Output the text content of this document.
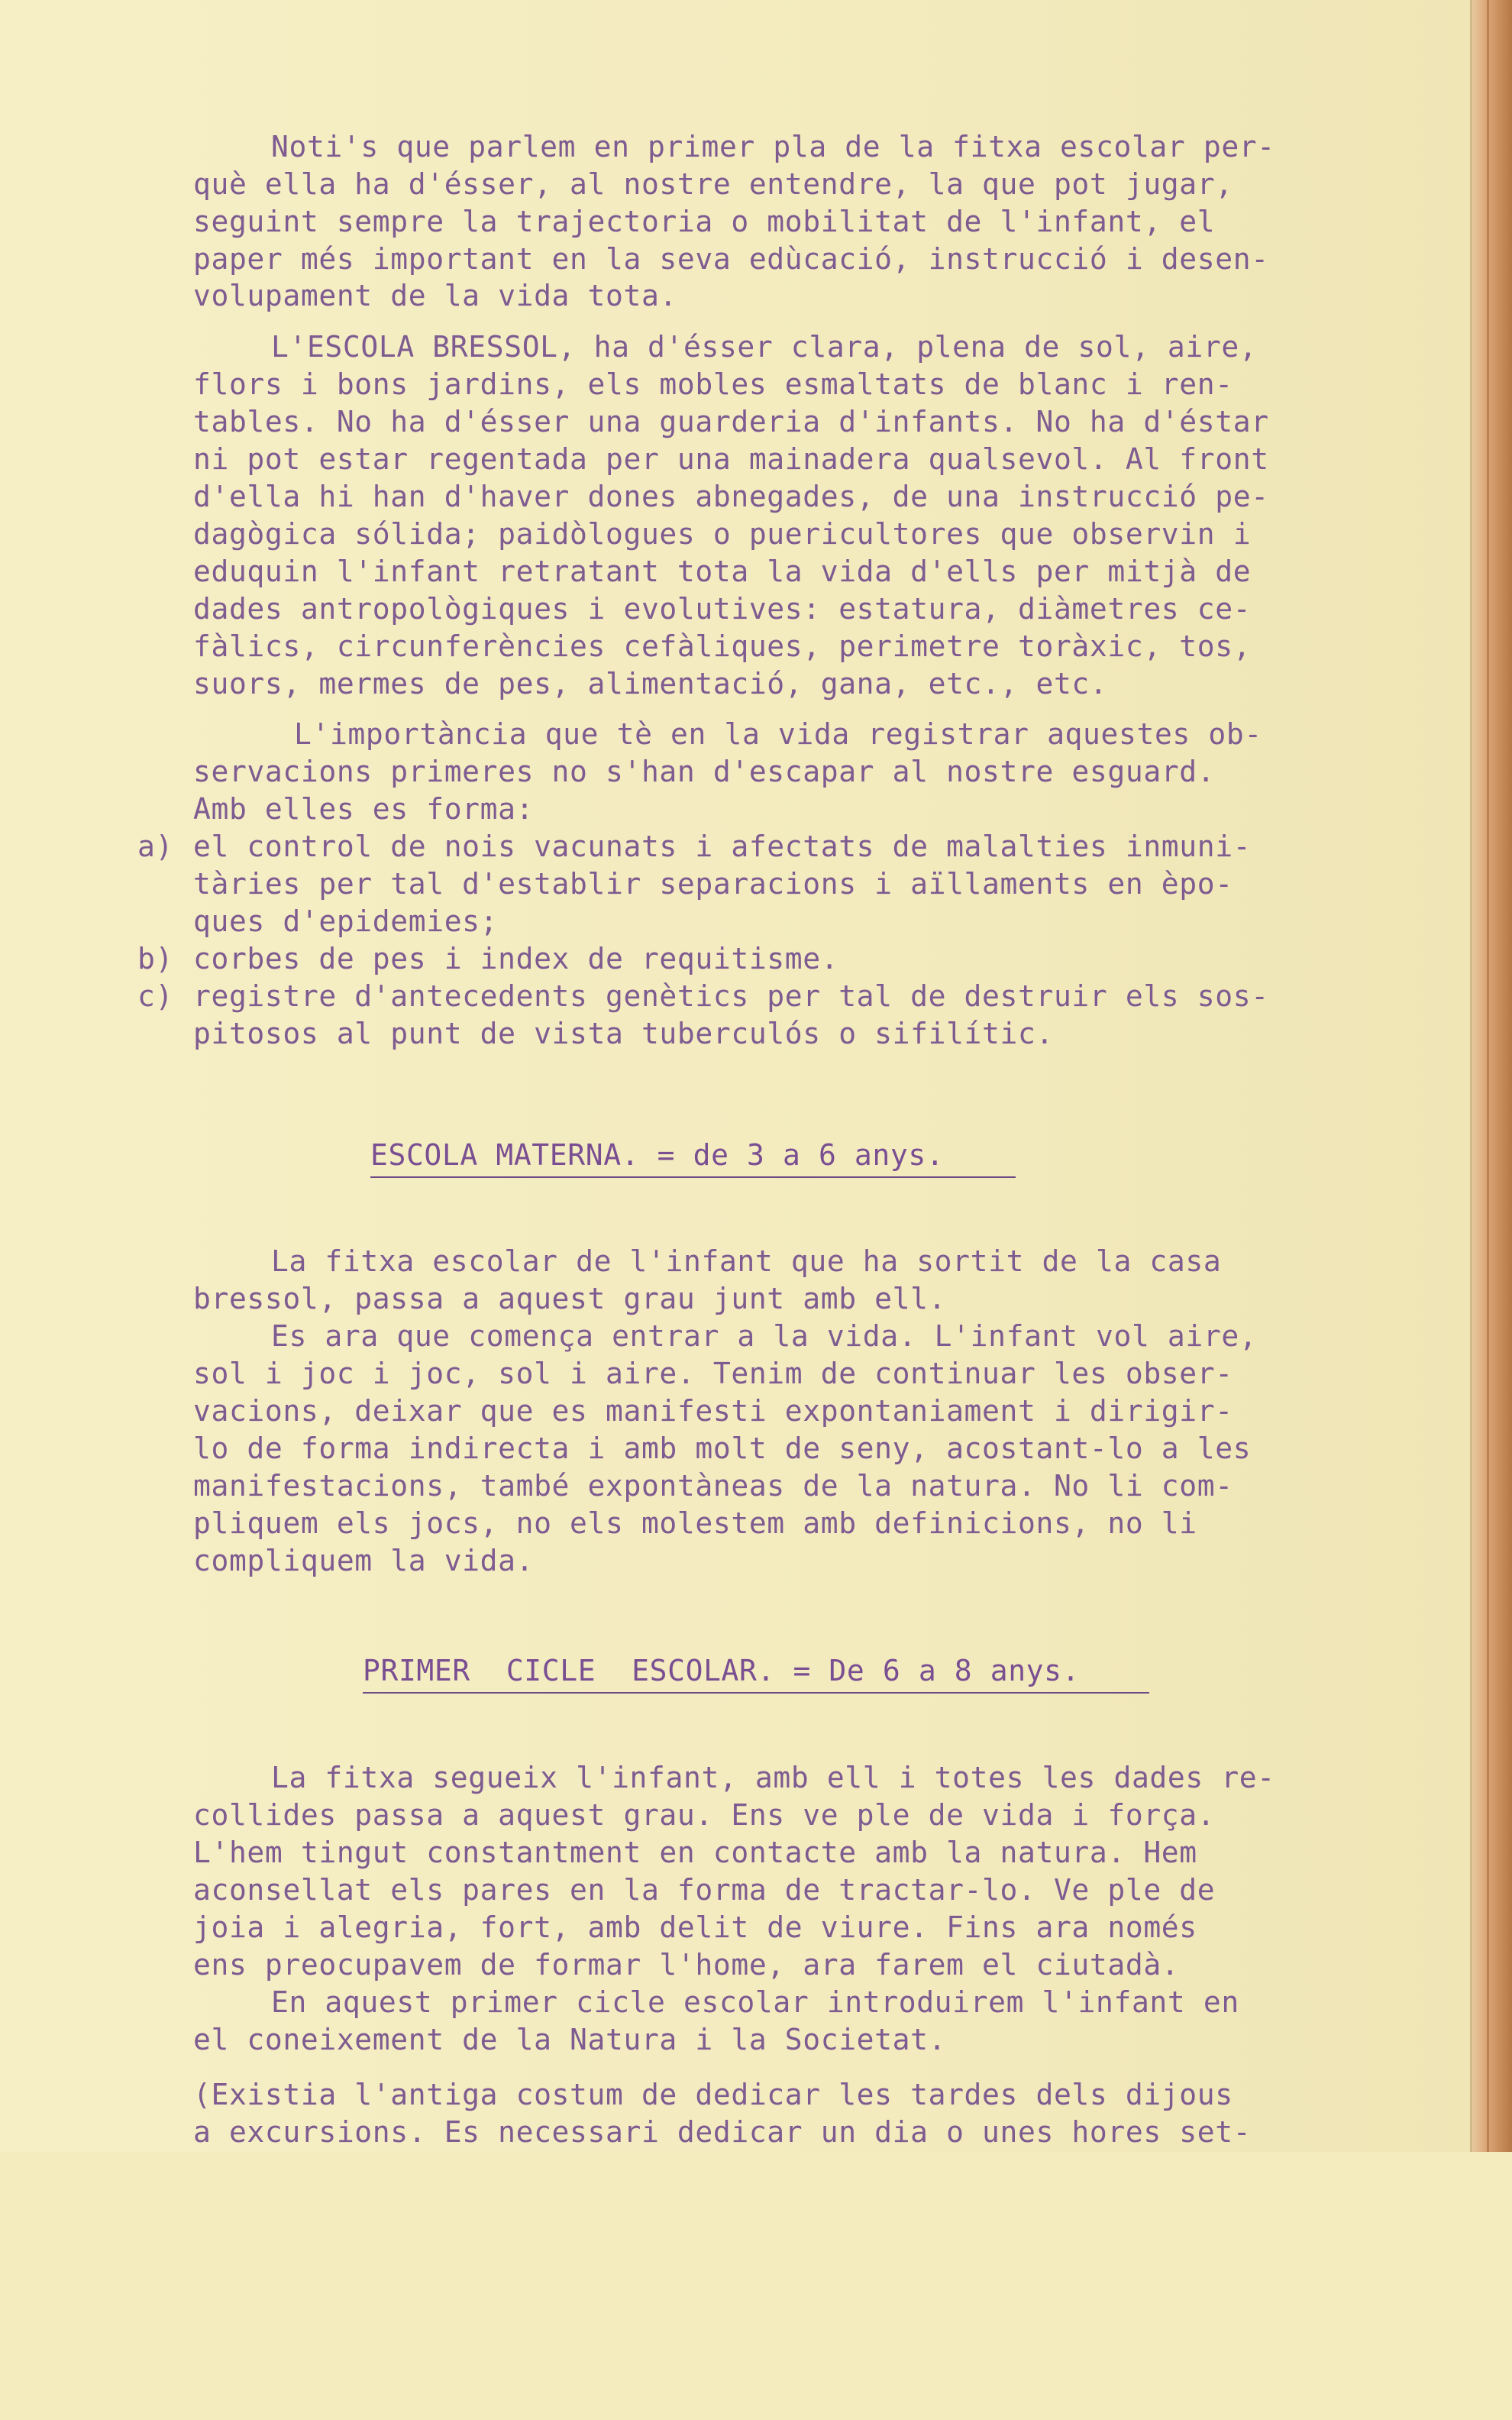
Noti's que parlem en primer pla de la fitxa escolar per-

què ella ha d'ésser, al nostre entendre, la que pot jugar,

seguint sempre la trajectoria o mobilitat de l'infant, el

paper més important en la seva edùcació, instrucció i desen-

volupament de la vida tota.

L'ESCOLA BRESSOL, ha d'ésser clara, plena de sol, aire,

flors i bons jardins, els mobles esmaltats de blanc i ren-

tables. No ha d'ésser una guarderia d'infants. No ha d'éstar

ni pot estar regentada per una mainadera qualsevol. Al front

d'ella hi han d'haver dones abnegades, de una instrucció pe-

dagògica sólida; paidòlogues o puericultores que observin i

eduquin l'infant retratant tota la vida d'ells per mitjà de

dades antropològiques i evolutives: estatura, diàmetres ce-

fàlics, circunferències cefàliques, perimetre toràxic, tos,

suors, mermes de pes, alimentació, gana, etc., etc.

L'importància que tè en la vida registrar aquestes ob-

servacions primeres no s'han d'escapar al nostre esguard.

Amb elles es forma:

a)

el control de nois vacunats i afectats de malalties inmuni-

tàries per tal d'establir separacions i aïllaments en èpo-

ques d'epidemies;

b)

corbes de pes i index de requitisme.

c)

registre d'antecedents genètics per tal de destruir els sos-

pitosos al punt de vista tuberculós o sifilític.

ESCOLA MATERNA. = de 3 a 6 anys.

La fitxa escolar de l'infant que ha sortit de la casa

bressol, passa a aquest grau junt amb ell.

Es ara que comença entrar a la vida. L'infant vol aire,

sol i joc i joc, sol i aire. Tenim de continuar les obser-

vacions, deixar que es manifesti expontaniament i dirigir-

lo de forma indirecta i amb molt de seny, acostant-lo a les

manifestacions, també expontàneas de la natura. No li com-

pliquem els jocs, no els molestem amb definicions, no li

compliquem la vida.

PRIMER  CICLE  ESCOLAR. = De 6 a 8 anys.

La fitxa segueix l'infant, amb ell i totes les dades re-

collides passa a aquest grau. Ens ve ple de vida i força.

L'hem tingut constantment en contacte amb la natura. Hem

aconsellat els pares en la forma de tractar-lo. Ve ple de

joia i alegria, fort, amb delit de viure. Fins ara només

ens preocupavem de formar l'home, ara farem el ciutadà.

En aquest primer cicle escolar introduirem l'infant en

el coneixement de la Natura i la Societat.

(Existia l'antiga costum de dedicar les tardes dels dijous

a excursions. Es necessari dedicar un dia o unes hores set-
